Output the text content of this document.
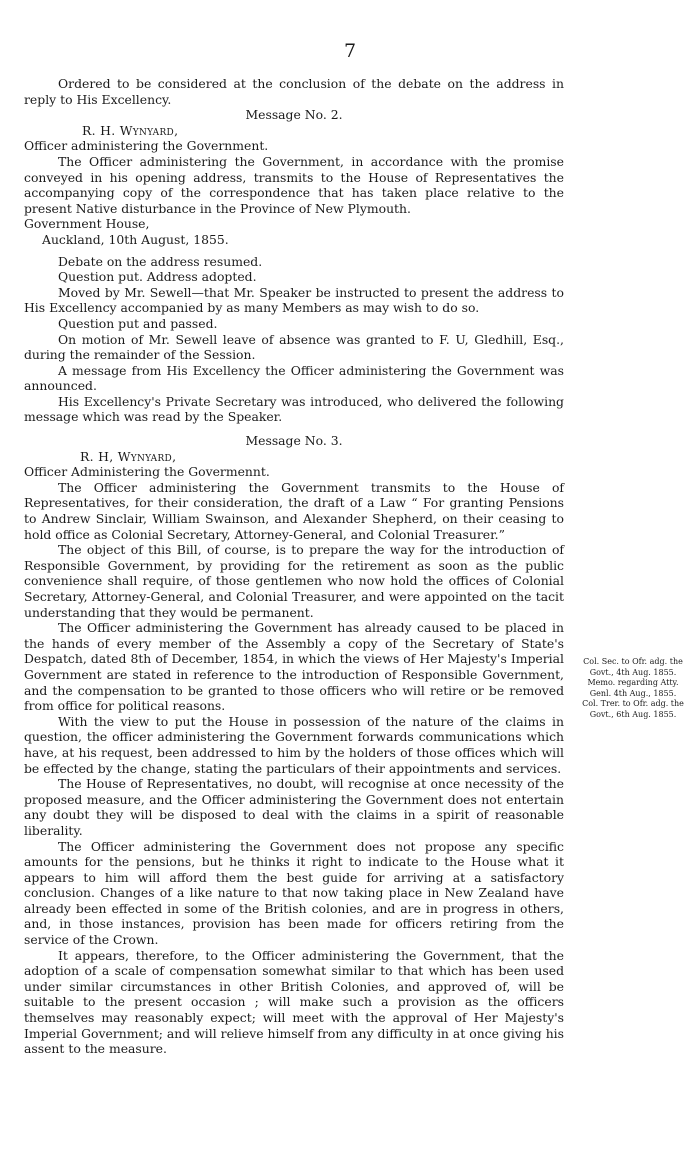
7

Ordered to be considered at the conclusion of the debate on the address in reply to His Excellency.

Message No. 2.

R. H. Wynyard,

Officer administering the Government.

The Officer administering the Government, in accordance with the promise conveyed in his opening address, transmits to the House of Representatives the accompanying copy of the correspondence that has taken place relative to the present Native disturbance in the Province of New Plymouth.

Government House,

Auckland, 10th August, 1855.

Debate on the address resumed.

Question put. Address adopted.

Moved by Mr. Sewell—that Mr. Speaker be instructed to present the address to His Excellency accompanied by as many Members as may wish to do so.

Question put and passed.

On motion of Mr. Sewell leave of absence was granted to F. U, Gledhill, Esq., during the remainder of the Session.

A message from His Excellency the Officer administering the Government was announced.

His Excellency's Private Secretary was introduced, who delivered the following message which was read by the Speaker.

Message No. 3.

R. H, Wynyard,

Officer Administering the Govermennt.

The Officer administering the Government transmits to the House of Representatives, for their consideration, the draft of a Law “ For granting Pensions to Andrew Sinclair, William Swainson, and Alexander Shepherd, on their ceasing to hold office as Colonial Secretary, Attorney-General, and Colonial Treasurer.”

The object of this Bill, of course, is to prepare the way for the introduction of Responsible Government, by providing for the retirement as soon as the public convenience shall require, of those gentlemen who now hold the offices of Colonial Secretary, Attorney-General, and Colonial Treasurer, and were appointed on the tacit understanding that they would be permanent.

The Officer administering the Government has already caused to be placed in the hands of every member of the Assembly a copy of the Secretary of State's Despatch, dated 8th of December, 1854, in which the views of Her Majesty's Imperial Government are stated in reference to the introduction of Responsible Government, and the compensation to be granted to those officers who will retire or be removed from office for political reasons.

With the view to put the House in possession of the nature of the claims in question, the officer administering the Government forwards communications which have, at his request, been addressed to him by the holders of those offices which will be effected by the change, stating the particulars of their appointments and services.

The House of Representatives, no doubt, will recognise at once necessity of the proposed measure, and the Officer administering the Government does not entertain any doubt they will be disposed to deal with the claims in a spirit of reasonable liberality.

The Officer administering the Government does not propose any specific amounts for the pensions, but he thinks it right to indicate to the House what it appears to him will afford them the best guide for arriving at a satisfactory conclusion. Changes of a like nature to that now taking place in New Zealand have already been effected in some of the British colonies, and are in progress in others, and, in those instances, provision has been made for officers retiring from the service of the Crown.

It appears, therefore, to the Officer administering the Government, that the adoption of a scale of compensation somewhat similar to that which has been used under similar circumstances in other British Colonies, and approved of, will be suitable to the present occasion ; will make such a provision as the officers themselves may reasonably expect; will meet with the approval of Her Majesty's Imperial Government; and will relieve himself from any difficulty in at once giving his assent to the measure.

Col. Sec. to Ofr. adg. the
Govt., 4th Aug. 1855.
Memo. regarding Atty.
Genl. 4th Aug., 1855.
Col. Trer. to Ofr. adg. the
Govt., 6th Aug. 1855.
